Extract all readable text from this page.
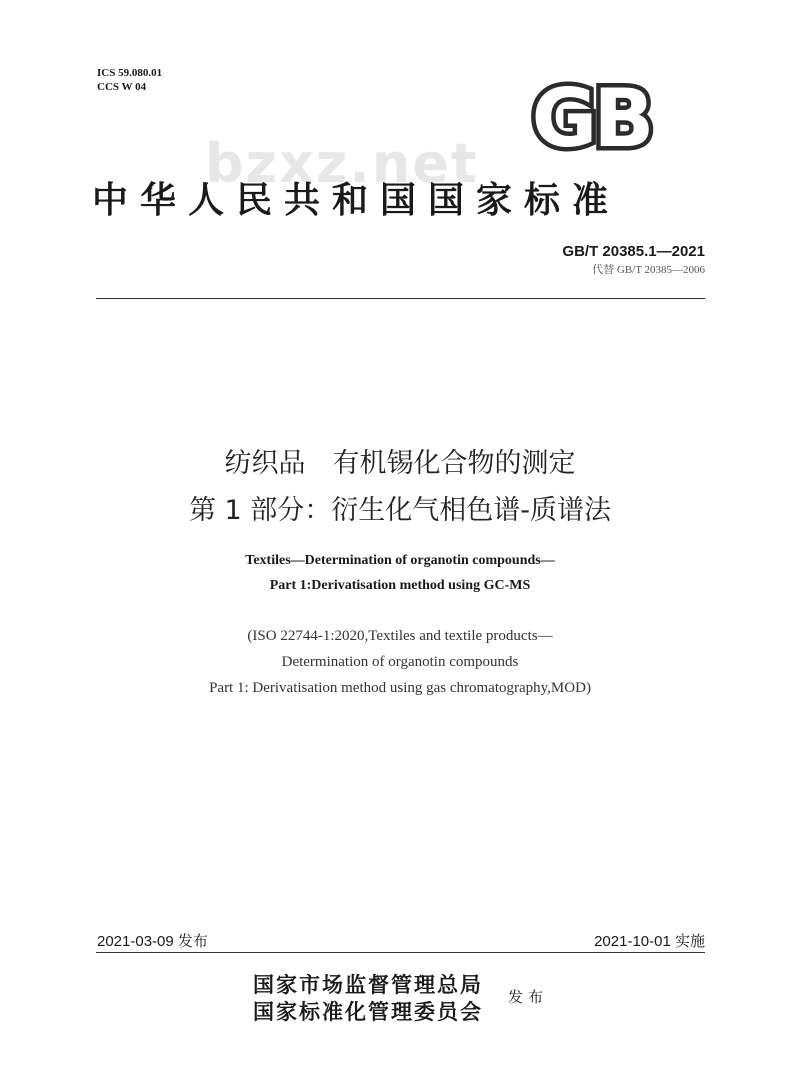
ICS 59.080.01
CCS W 04	GB
bzxz.net
中华人民共和国国家标准
GB/T 20385.1—2021
代替 GB/T 20385—2006
纺织品　有机锡化合物的测定
第 1 部分：衍生化气相色谱-质谱法
Textiles—Determination of organotin compounds—
Part 1:Derivatisation method using GC-MS
(ISO 22744-1:2020,Textiles and textile products—
Determination of organotin compounds
Part 1: Derivatisation method using gas chromatography,MOD)
2021-03-09 发布	2021-10-01 实施
国家市场监督管理总局
国家标准化管理委员会
发布
